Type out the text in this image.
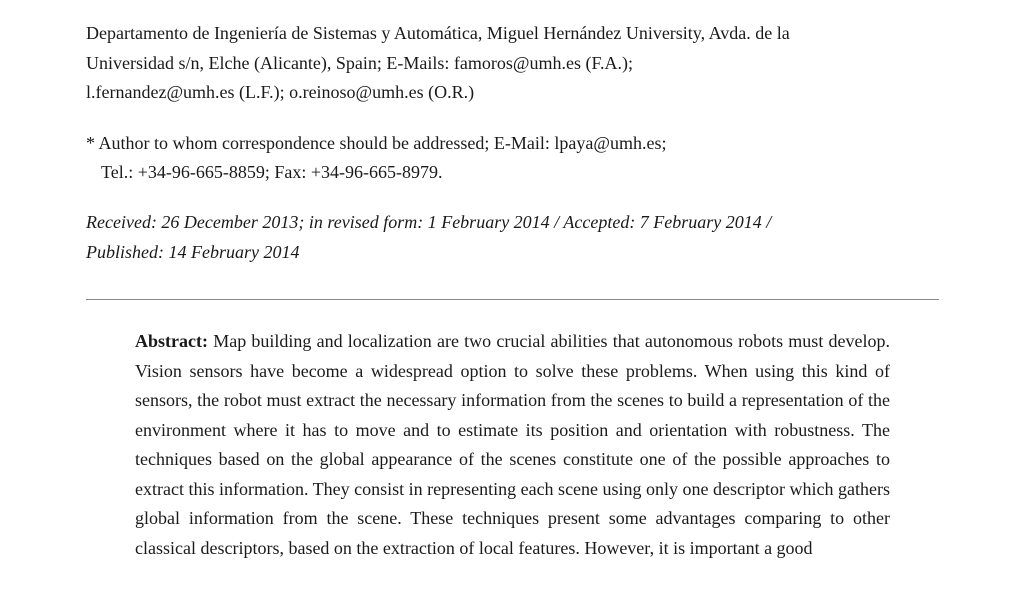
Departamento de Ingeniería de Sistemas y Automática, Miguel Hernández University, Avda. de la
Universidad s/n, Elche (Alicante), Spain; E-Mails: famoros@umh.es (F.A.);
l.fernandez@umh.es (L.F.); o.reinoso@umh.es (O.R.)
* Author to whom correspondence should be addressed; E-Mail: lpaya@umh.es;
Tel.: +34-96-665-8859; Fax: +34-96-665-8979.
Received: 26 December 2013; in revised form: 1 February 2014 / Accepted: 7 February 2014 /
Published: 14 February 2014

Abstract: Map building and localization are two crucial abilities that autonomous robots must develop. Vision sensors have become a widespread option to solve these problems. When using this kind of sensors, the robot must extract the necessary information from the scenes to build a representation of the environment where it has to move and to estimate its position and orientation with robustness. The techniques based on the global appearance of the scenes constitute one of the possible approaches to extract this information. They consist in representing each scene using only one descriptor which gathers global information from the scene. These techniques present some advantages comparing to other classical descriptors, based on the extraction of local features. However, it is important a good
